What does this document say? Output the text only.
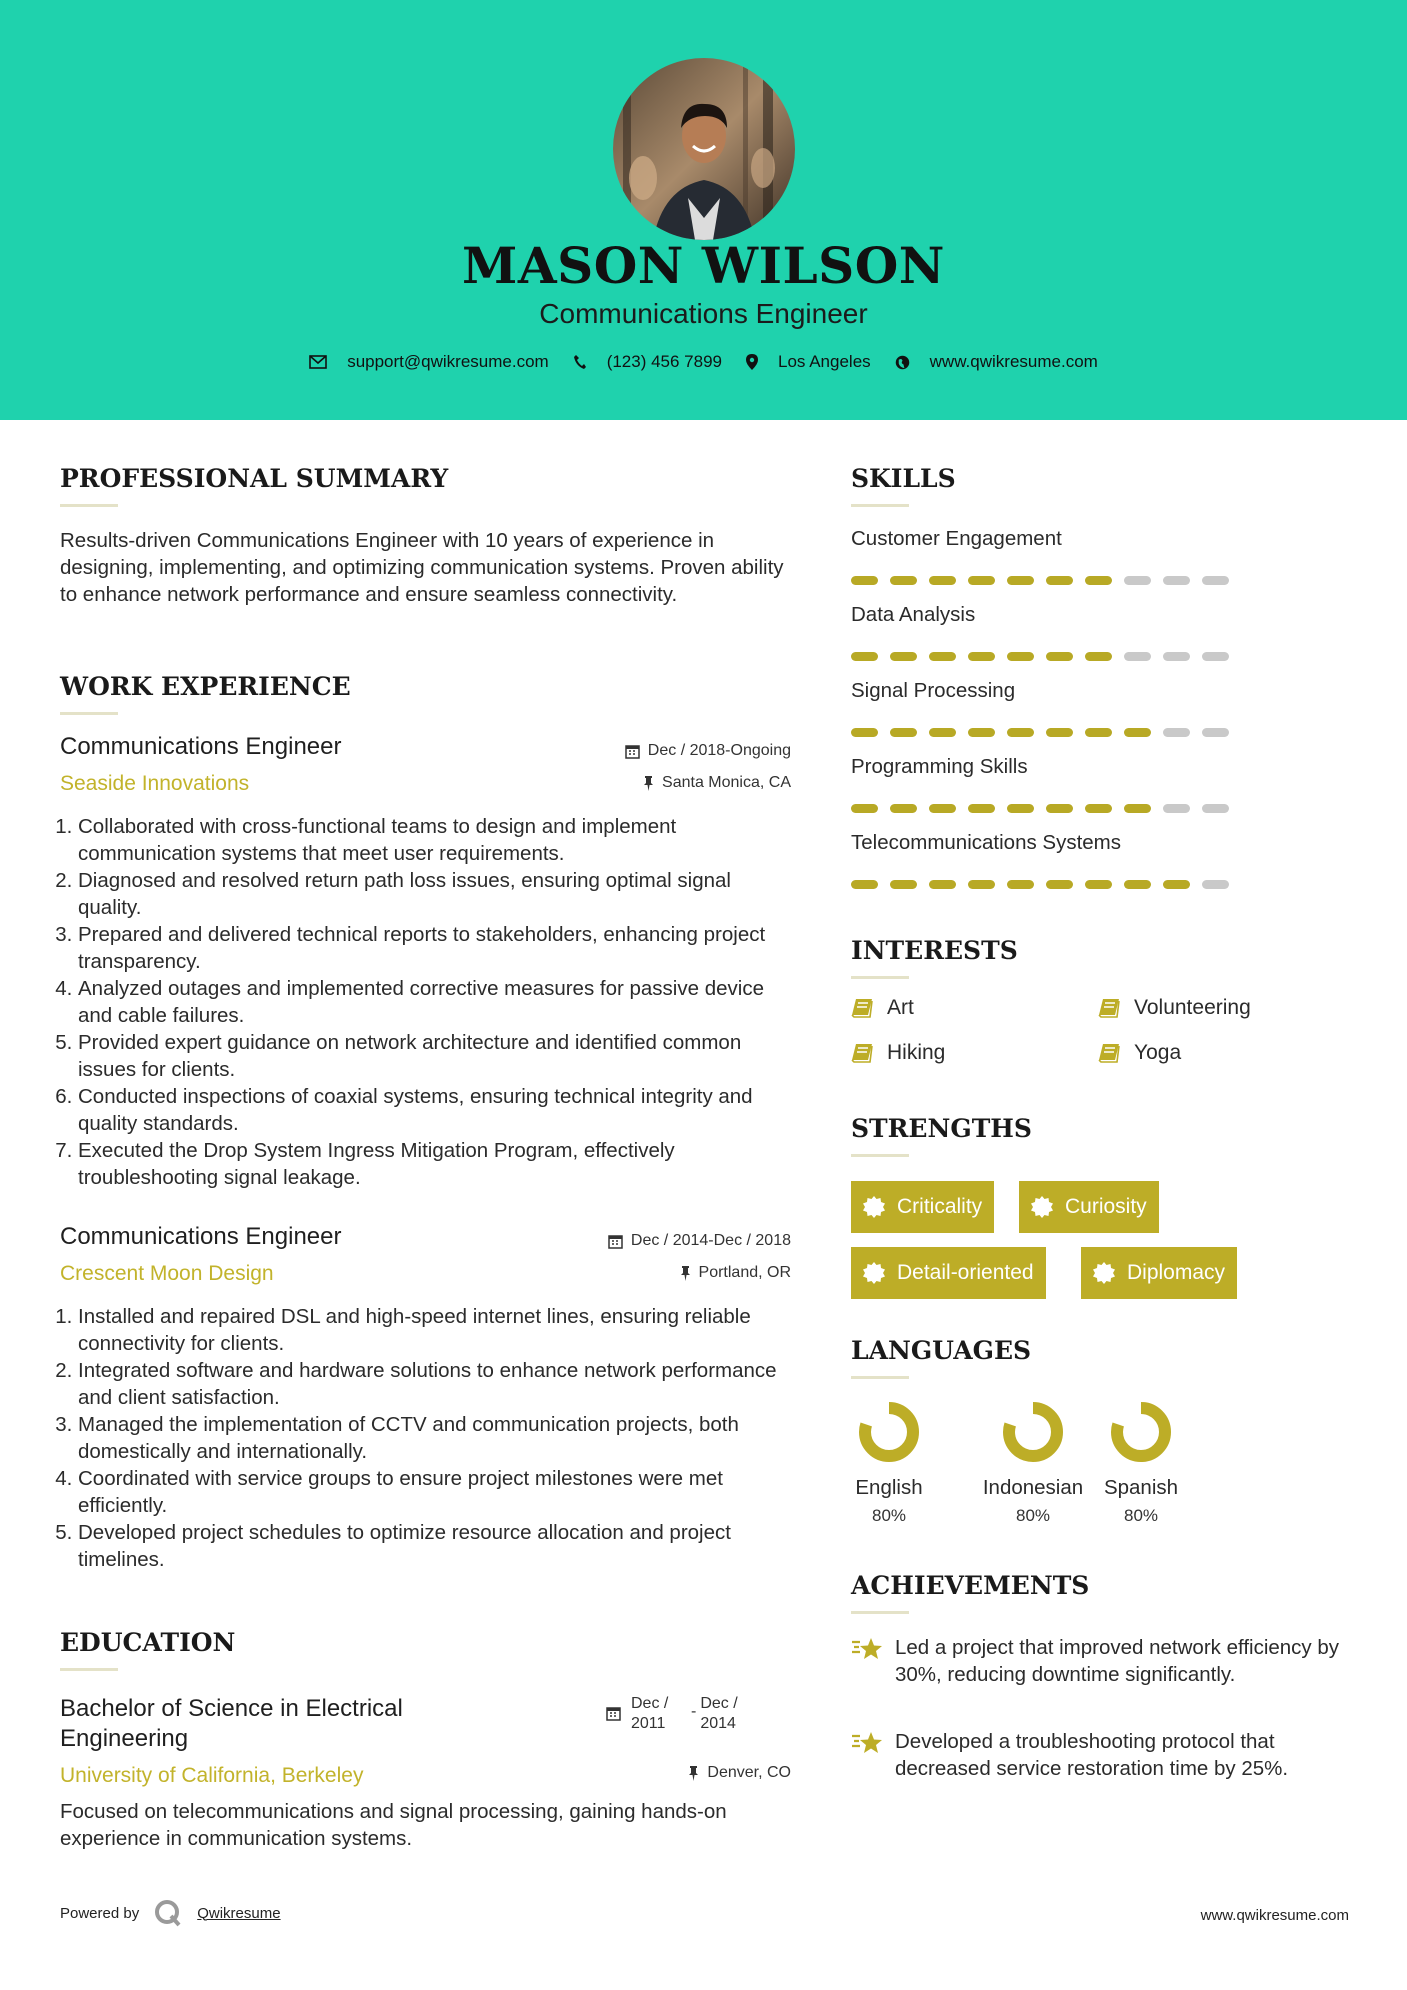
MASON WILSON
Communications Engineer
support@qwikresume.com	(123) 456 7899	Los Angeles	www.qwikresume.com
PROFESSIONAL SUMMARY
Results-driven Communications Engineer with 10 years of experience in designing, implementing, and optimizing communication systems. Proven ability to enhance network performance and ensure seamless connectivity.
WORK EXPERIENCE
Communications Engineer
Seaside Innovations
Dec / 2018-Ongoing
Santa Monica, CA
1. Collaborated with cross-functional teams to design and implement communication systems that meet user requirements.
2. Diagnosed and resolved return path loss issues, ensuring optimal signal quality.
3. Prepared and delivered technical reports to stakeholders, enhancing project transparency.
4. Analyzed outages and implemented corrective measures for passive device and cable failures.
5. Provided expert guidance on network architecture and identified common issues for clients.
6. Conducted inspections of coaxial systems, ensuring technical integrity and quality standards.
7. Executed the Drop System Ingress Mitigation Program, effectively troubleshooting signal leakage.
Communications Engineer
Crescent Moon Design
Dec / 2014-Dec / 2018
Portland, OR
1. Installed and repaired DSL and high-speed internet lines, ensuring reliable connectivity for clients.
2. Integrated software and hardware solutions to enhance network performance and client satisfaction.
3. Managed the implementation of CCTV and communication projects, both domestically and internationally.
4. Coordinated with service groups to ensure project milestones were met efficiently.
5. Developed project schedules to optimize resource allocation and project timelines.
EDUCATION
Bachelor of Science in Electrical Engineering
University of California, Berkeley
Dec / 2011
- Dec / 2014
Denver, CO
Focused on telecommunications and signal processing, gaining hands-on experience in communication systems.
SKILLS
Customer Engagement
Data Analysis
Signal Processing
Programming Skills
Telecommunications Systems
INTERESTS
Art	Volunteering
Hiking	Yoga
STRENGTHS
Criticality	Curiosity
Detail-oriented	Diplomacy
LANGUAGES
English
80%
Indonesian
80%
Spanish
80%
ACHIEVEMENTS
Led a project that improved network efficiency by 30%, reducing downtime significantly.
Developed a troubleshooting protocol that decreased service restoration time by 25%.
Powered by	Qwikresume	www.qwikresume.com
